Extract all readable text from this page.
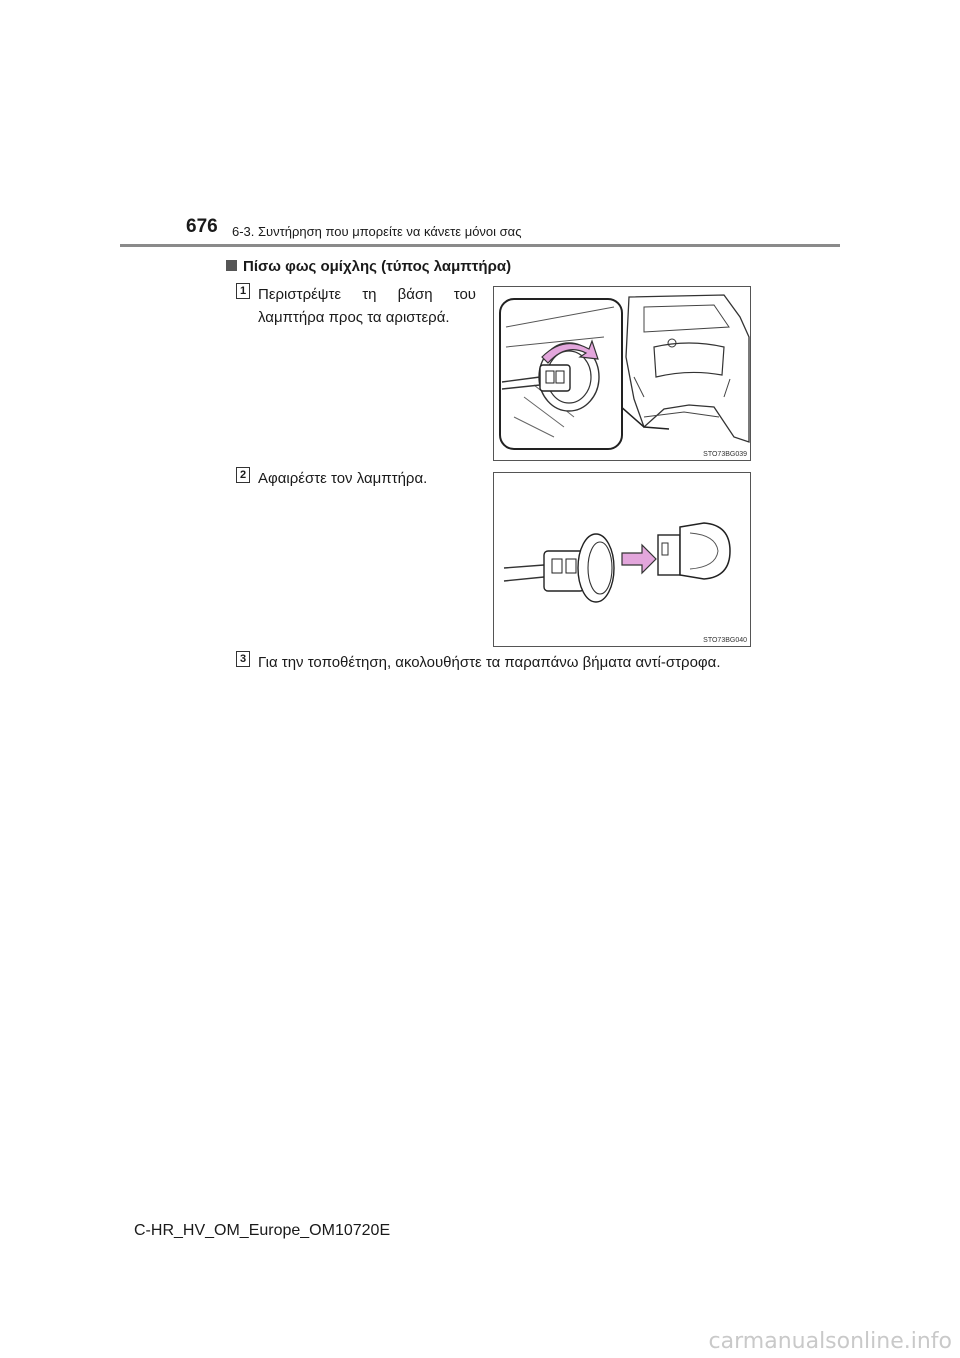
676 6-3. Συντήρηση που μπορείτε να κάνετε μόνοι σας
Πίσω φως ομίχλης (τύπος λαμπτήρα)
1 Περιστρέψτε τη βάση του λαμπτήρα προς τα αριστερά.
STO73BG039
2 Αφαιρέστε τον λαμπτήρα.
STO73BG040
3 Για την τοποθέτηση, ακολουθήστε τα παραπάνω βήματα αντί-στροφα.
C-HR_HV_OM_Europe_OM10720E
carmanualsonline.info
